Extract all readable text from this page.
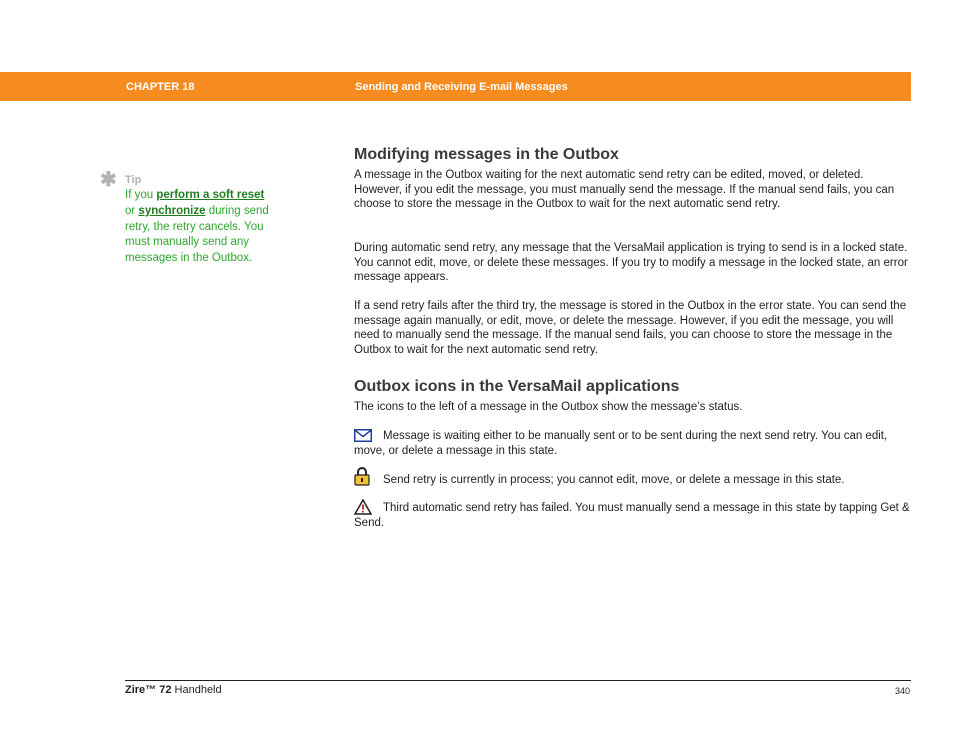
CHAPTER 18	Sending and Receiving E-mail Messages
✱ Tip
If you perform a soft reset
or synchronize during send retry, the retry cancels. You must manually send any messages in the Outbox.
Modifying messages in the Outbox

A message in the Outbox waiting for the next automatic send retry can be edited, moved, or deleted. However, if you edit the message, you must manually send the message. If the manual send fails, you can choose to store the message in the Outbox to wait for the next automatic send retry.

During automatic send retry, any message that the VersaMail application is trying to send is in a locked state. You cannot edit, move, or delete these messages. If you try to modify a message in the locked state, an error message appears.

If a send retry fails after the third try, the message is stored in the Outbox in the error state. You can send the message again manually, or edit, move, or delete the message. However, if you edit the message, you will need to manually send the message. If the manual send fails, you can choose to store the message in the Outbox to wait for the next automatic send retry.

Outbox icons in the VersaMail applications

The icons to the left of a message in the Outbox show the message’s status.

Message is waiting either to be manually sent or to be sent during the next send retry. You can edit, move, or delete a message in this state.

Send retry is currently in process; you cannot edit, move, or delete a message in this state.

Third automatic send retry has failed. You must manually send a message in this state by tapping Get & Send.

Zire™ 72 Handheld	340
